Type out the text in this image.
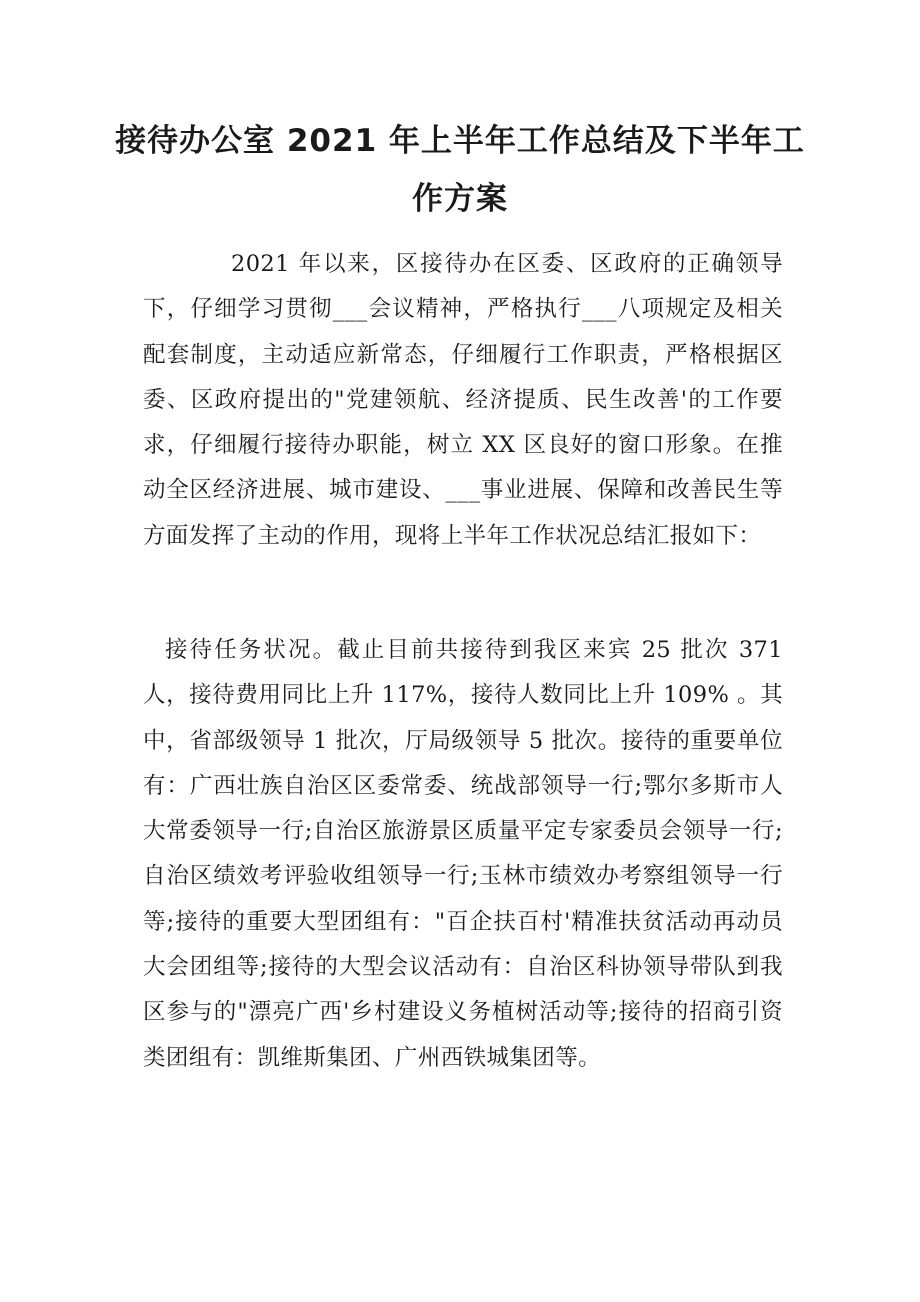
接待办公室 2021 年上半年工作总结及下半年工作方案

2021 年以来，区接待办在区委、区政府的正确领导下，仔细学习贯彻___会议精神，严格执行___八项规定及相关配套制度，主动适应新常态，仔细履行工作职责，严格根据区委、区政府提出的"党建领航、经济提质、民生改善'的工作要求，仔细履行接待办职能，树立 XX 区良好的窗口形象。在推动全区经济进展、城市建设、___事业进展、保障和改善民生等方面发挥了主动的作用，现将上半年工作状况总结汇报如下：

接待任务状况。截止目前共接待到我区来宾 25 批次 371 人，接待费用同比上升 117%，接待人数同比上升 109% 。其中，省部级领导 1 批次，厅局级领导 5 批次。接待的重要单位有：广西壮族自治区区委常委、统战部领导一行;鄂尔多斯市人大常委领导一行;自治区旅游景区质量平定专家委员会领导一行;自治区绩效考评验收组领导一行;玉林市绩效办考察组领导一行等;接待的重要大型团组有："百企扶百村'精准扶贫活动再动员大会团组等;接待的大型会议活动有：自治区科协领导带队到我区参与的"漂亮广西'乡村建设义务植树活动等;接待的招商引资类团组有：凯维斯集团、广州西铁城集团等。
